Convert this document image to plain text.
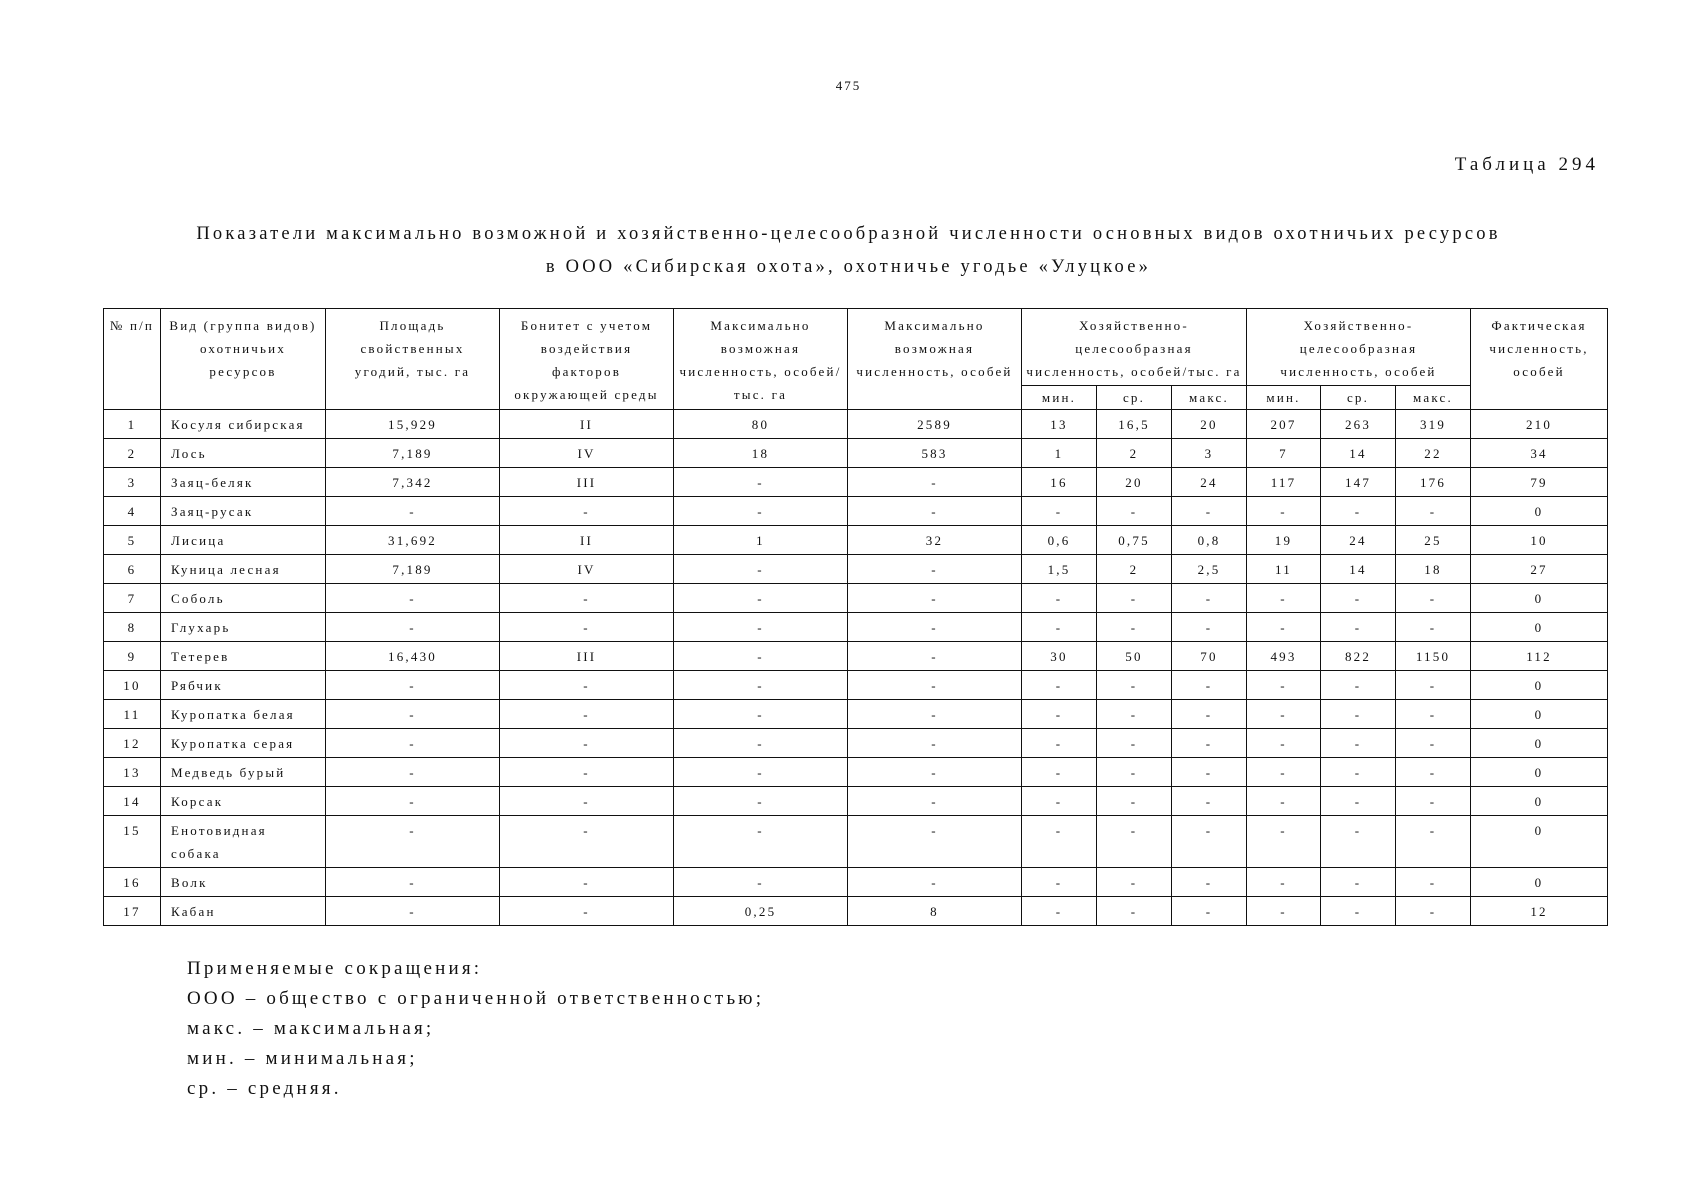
475
Таблица 294
Показатели максимально возможной и хозяйственно-целесообразной численности основных видов охотничьих ресурсов
в ООО «Сибирская охота», охотничье угодье «Улуцкое»
№ п/п	Вид (группа видов) охотничьих ресурсов	Площадь свойственных угодий, тыс. га	Бонитет с учетом воздействия факторов окружающей среды	Максимально возможная численность, особей/тыс. га	Максимально возможная численность, особей	Хозяйственно-целесообразная численность, особей/тыс. га			Хозяйственно-целесообразная численность, особей			Фактическая численность, особей
						мин.	ср.	макс.	мин.	ср.	макс.	
1	Косуля сибирская	15,929	II	80	2589	13	16,5	20	207	263	319	210
2	Лось	7,189	IV	18	583	1	2	3	7	14	22	34
3	Заяц-беляк	7,342	III	-	-	16	20	24	117	147	176	79
4	Заяц-русак	-	-	-	-	-	-	-	-	-	-	0
5	Лисица	31,692	II	1	32	0,6	0,75	0,8	19	24	25	10
6	Куница лесная	7,189	IV	-	-	1,5	2	2,5	11	14	18	27
7	Соболь	-	-	-	-	-	-	-	-	-	-	0
8	Глухарь	-	-	-	-	-	-	-	-	-	-	0
9	Тетерев	16,430	III	-	-	30	50	70	493	822	1150	112
10	Рябчик	-	-	-	-	-	-	-	-	-	-	0
11	Куропатка белая	-	-	-	-	-	-	-	-	-	-	0
12	Куропатка серая	-	-	-	-	-	-	-	-	-	-	0
13	Медведь бурый	-	-	-	-	-	-	-	-	-	-	0
14	Корсак	-	-	-	-	-	-	-	-	-	-	0
15	Енотовидная собака	-	-	-	-	-	-	-	-	-	-	0
16	Волк	-	-	-	-	-	-	-	-	-	-	0
17	Кабан	-	-	0,25	8	-	-	-	-	-	-	12
Применяемые сокращения:
ООО – общество с ограниченной ответственностью;
макс. – максимальная;
мин. – минимальная;
ср. – средняя.
